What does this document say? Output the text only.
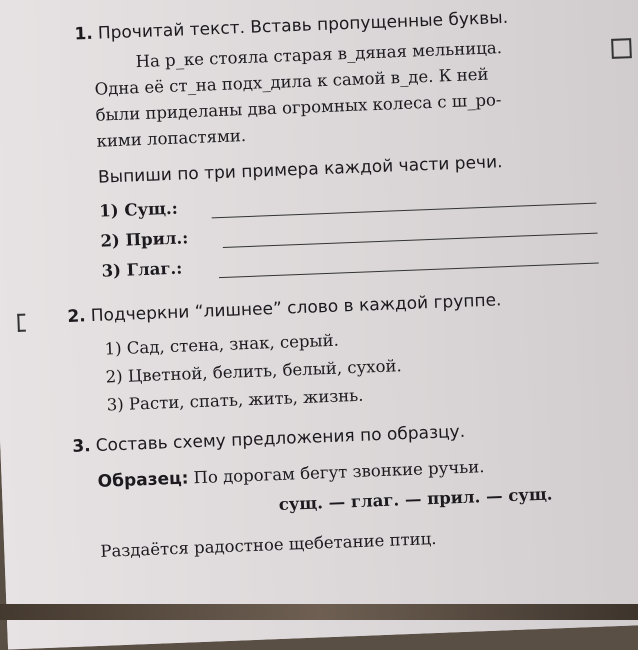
1. Прочитай текст. Вставь пропущенные буквы.
На р_ке стояла старая в_дяная мельница.
Одна её ст_на подх_дила к самой в_де. К ней
были приделаны два огромных колеса с ш_ро-
кими лопастями.
Выпиши по три примера каждой части речи.
1) Сущ.:
2) Прил.:
3) Глаг.:
2. Подчеркни “лишнее” слово в каждой группе.
1) Сад, стена, знак, серый.
2) Цветной, белить, белый, сухой.
3) Расти, спать, жить, жизнь.
3. Составь схему предложения по образцу.
Образец: По дорогам бегут звонкие ручьи.
сущ. — глаг. — прил. — сущ.
Раздаётся радостное щебетание птиц.
